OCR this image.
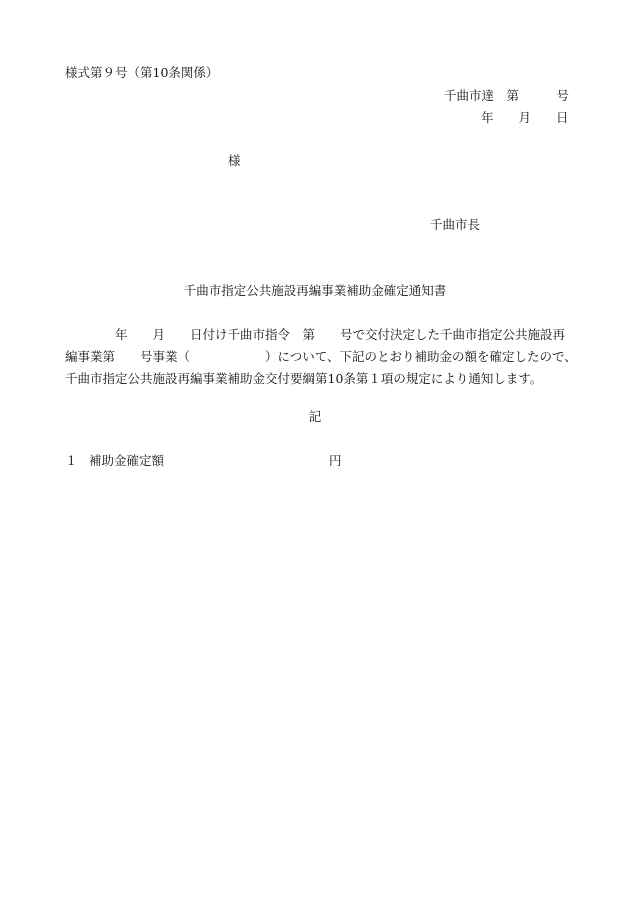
様式第９号（第10条関係）
千曲市達　第　　　号
年　　月　　日
様
千曲市長
千曲市指定公共施設再編事業補助金確定通知書
　　　　年　　月　　日付け千曲市指令　第　　号で交付決定した千曲市指定公共施設再
編事業第　　号事業（　　　　　　）について、下記のとおり補助金の額を確定したので、
千曲市指定公共施設再編事業補助金交付要綱第10条第１項の規定により通知します。
記
１ 補助金確定額	円
